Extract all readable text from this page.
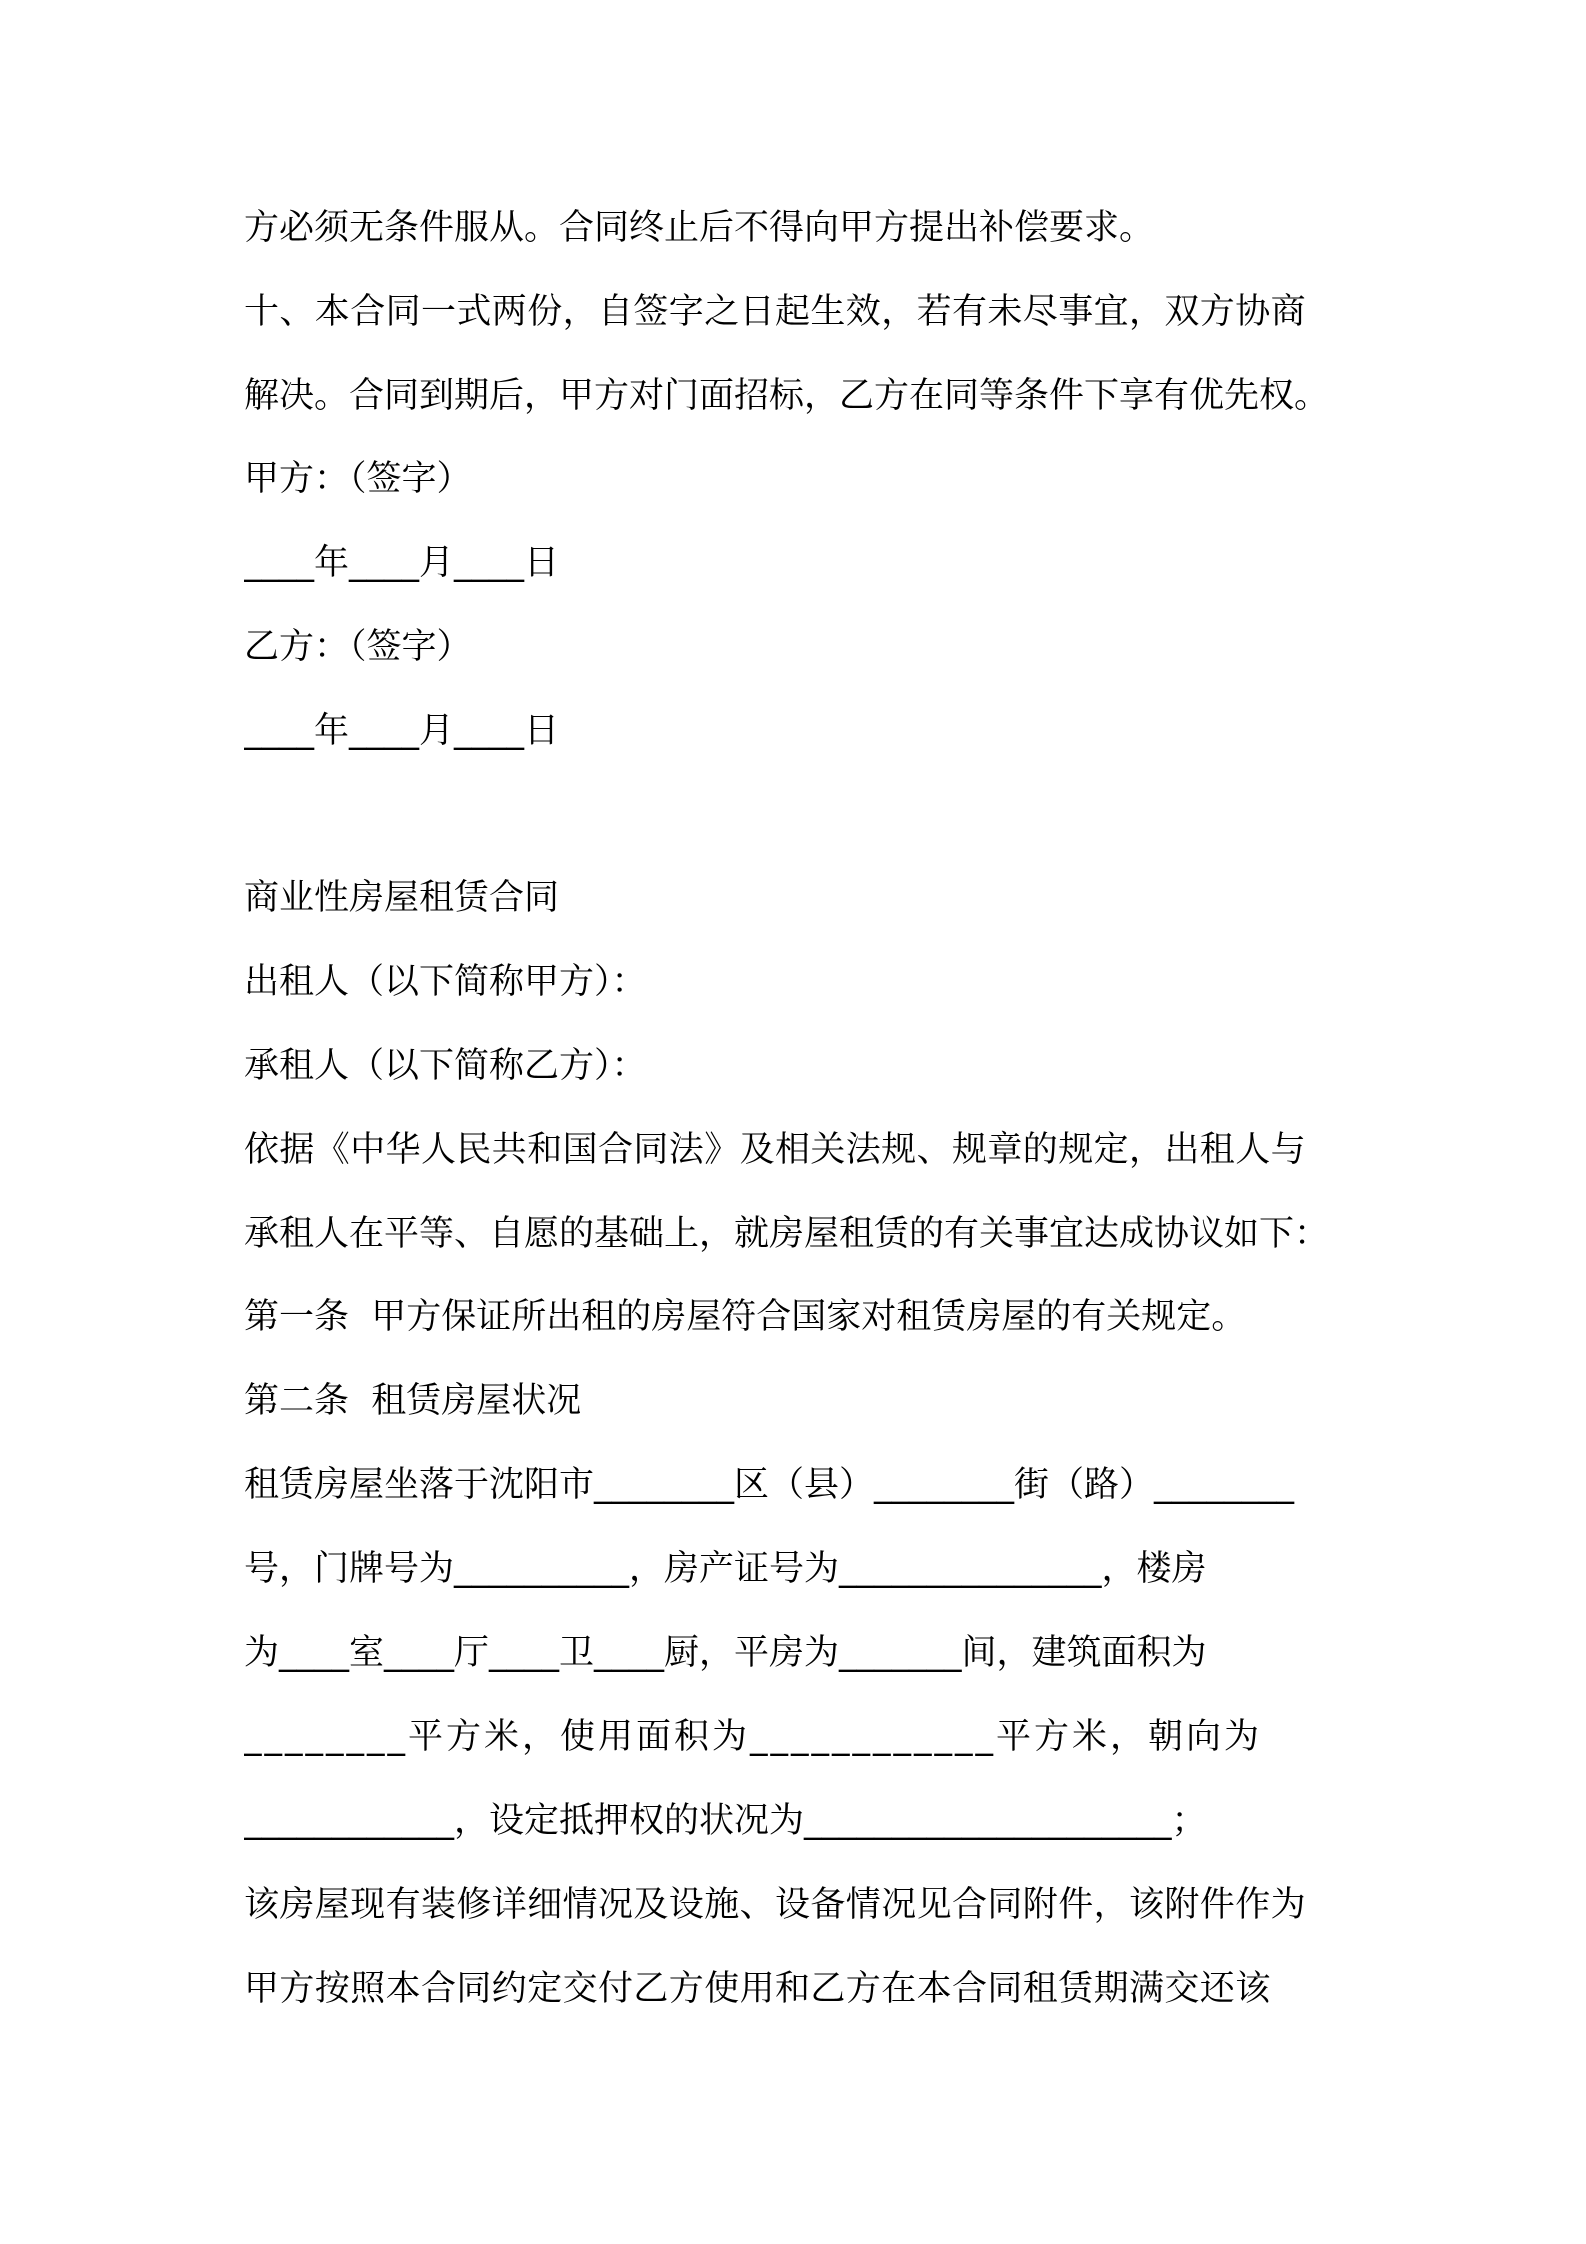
方必须无条件服从。合同终止后不得向甲方提出补偿要求。
十、本合同一式两份，自签字之日起生效，若有未尽事宜，双方协商
解决。合同到期后，甲方对门面招标，乙方在同等条件下享有优先权。
甲方：（签字）
____年____月____日
乙方：（签字）
____年____月____日
商业性房屋租赁合同
出租人（以下简称甲方）：
承租人（以下简称乙方）：
依据《中华人民共和国合同法》及相关法规、规章的规定，出租人与
承租人在平等、自愿的基础上，就房屋租赁的有关事宜达成协议如下：
第一条  甲方保证所出租的房屋符合国家对租赁房屋的有关规定。
第二条  租赁房屋状况
租赁房屋坐落于沈阳市________区（县）________街（路）________
号，门牌号为__________，房产证号为_______________，楼房
为____室____厅____卫____厨，平房为_______间，建筑面积为
________平方米，使用面积为____________平方米，朝向为
____________，设定抵押权的状况为_____________________；
该房屋现有装修详细情况及设施、设备情况见合同附件，该附件作为
甲方按照本合同约定交付乙方使用和乙方在本合同租赁期满交还该
